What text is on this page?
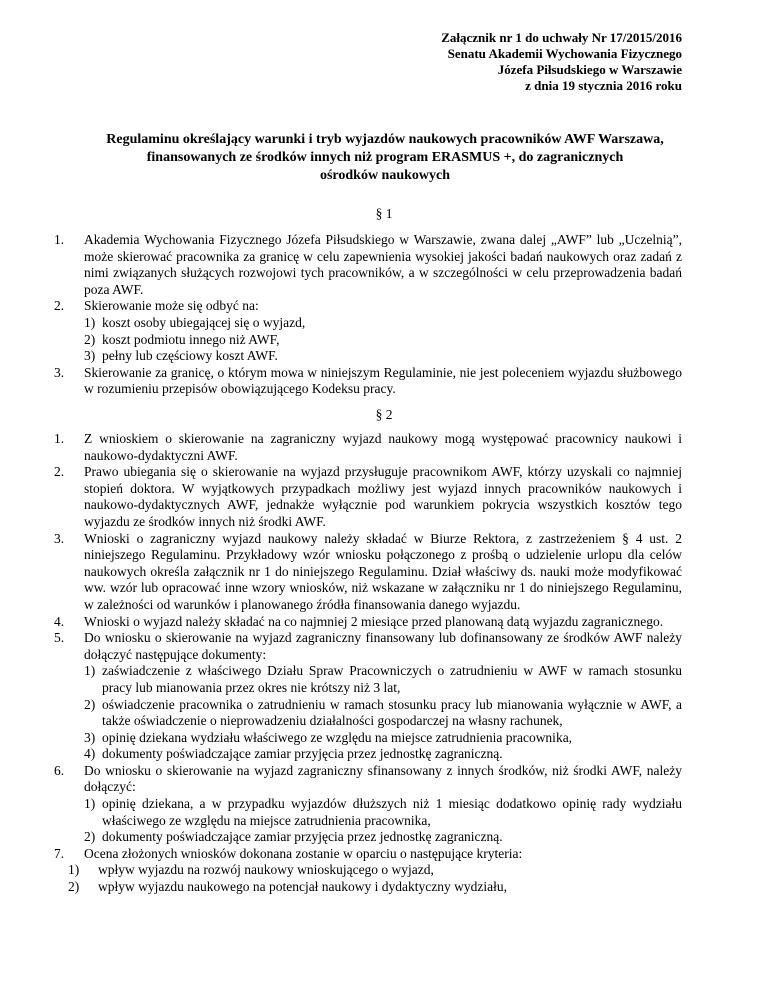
Załącznik nr 1 do uchwały Nr 17/2015/2016
Senatu Akademii Wychowania Fizycznego
Józefa Piłsudskiego w Warszawie
z dnia 19 stycznia 2016 roku
Regulaminu określający warunki i tryb wyjazdów naukowych pracowników AWF Warszawa,
finansowanych ze środków innych niż program ERASMUS +, do zagranicznych
ośrodków naukowych
§ 1
1. Akademia Wychowania Fizycznego Józefa Piłsudskiego w Warszawie, zwana dalej „AWF” lub „Uczelnią”, może skierować pracownika za granicę w celu zapewnienia wysokiej jakości badań naukowych oraz zadań z nimi związanych służących rozwojowi tych pracowników, a w szczególności w celu przeprowadzenia badań poza AWF.
2. Skierowanie może się odbyć na:
1) koszt osoby ubiegającej się o wyjazd,
2) koszt podmiotu innego niż AWF,
3) pełny lub częściowy koszt AWF.
3. Skierowanie za granicę, o którym mowa w niniejszym Regulaminie, nie jest poleceniem wyjazdu służbowego w rozumieniu przepisów obowiązującego Kodeksu pracy.
§ 2
1. Z wnioskiem o skierowanie na zagraniczny wyjazd naukowy mogą występować pracownicy naukowi i naukowo-dydaktyczni AWF.
2. Prawo ubiegania się o skierowanie na wyjazd przysługuje pracownikom AWF, którzy uzyskali co najmniej stopień doktora. W wyjątkowych przypadkach możliwy jest wyjazd innych pracowników naukowych i naukowo-dydaktycznych AWF, jednakże wyłącznie pod warunkiem pokrycia wszystkich kosztów tego wyjazdu ze środków innych niż środki AWF.
3. Wnioski o zagraniczny wyjazd naukowy należy składać w Biurze Rektora, z zastrzeżeniem § 4 ust. 2 niniejszego Regulaminu. Przykładowy wzór wniosku połączonego z prośbą o udzielenie urlopu dla celów naukowych określa załącznik nr 1 do niniejszego Regulaminu. Dział właściwy ds. nauki może modyfikować ww. wzór lub opracować inne wzory wniosków, niż wskazane w załączniku nr 1 do niniejszego Regulaminu, w zależności od warunków i planowanego źródła finansowania danego wyjazdu.
4. Wnioski o wyjazd należy składać na co najmniej 2 miesiące przed planowaną datą wyjazdu zagranicznego.
5. Do wniosku o skierowanie na wyjazd zagraniczny finansowany lub dofinansowany ze środków AWF należy dołączyć następujące dokumenty:
1) zaświadczenie z właściwego Działu Spraw Pracowniczych o zatrudnieniu w AWF w ramach stosunku pracy lub mianowania przez okres nie krótszy niż 3 lat,
2) oświadczenie pracownika o zatrudnieniu w ramach stosunku pracy lub mianowania wyłącznie w AWF, a także oświadczenie o nieprowadzeniu działalności gospodarczej na własny rachunek,
3) opinię dziekana wydziału właściwego ze względu na miejsce zatrudnienia pracownika,
4) dokumenty poświadczające zamiar przyjęcia przez jednostkę zagraniczną.
6. Do wniosku o skierowanie na wyjazd zagraniczny sfinansowany z innych środków, niż środki AWF, należy dołączyć:
1) opinię dziekana, a w przypadku wyjazdów dłuższych niż 1 miesiąc dodatkowo opinię rady wydziału właściwego ze względu na miejsce zatrudnienia pracownika,
2) dokumenty poświadczające zamiar przyjęcia przez jednostkę zagraniczną.
7. Ocena złożonych wniosków dokonana zostanie w oparciu o następujące kryteria:
1) wpływ wyjazdu na rozwój naukowy wnioskującego o wyjazd,
2) wpływ wyjazdu naukowego na potencjał naukowy i dydaktyczny wydziału,
